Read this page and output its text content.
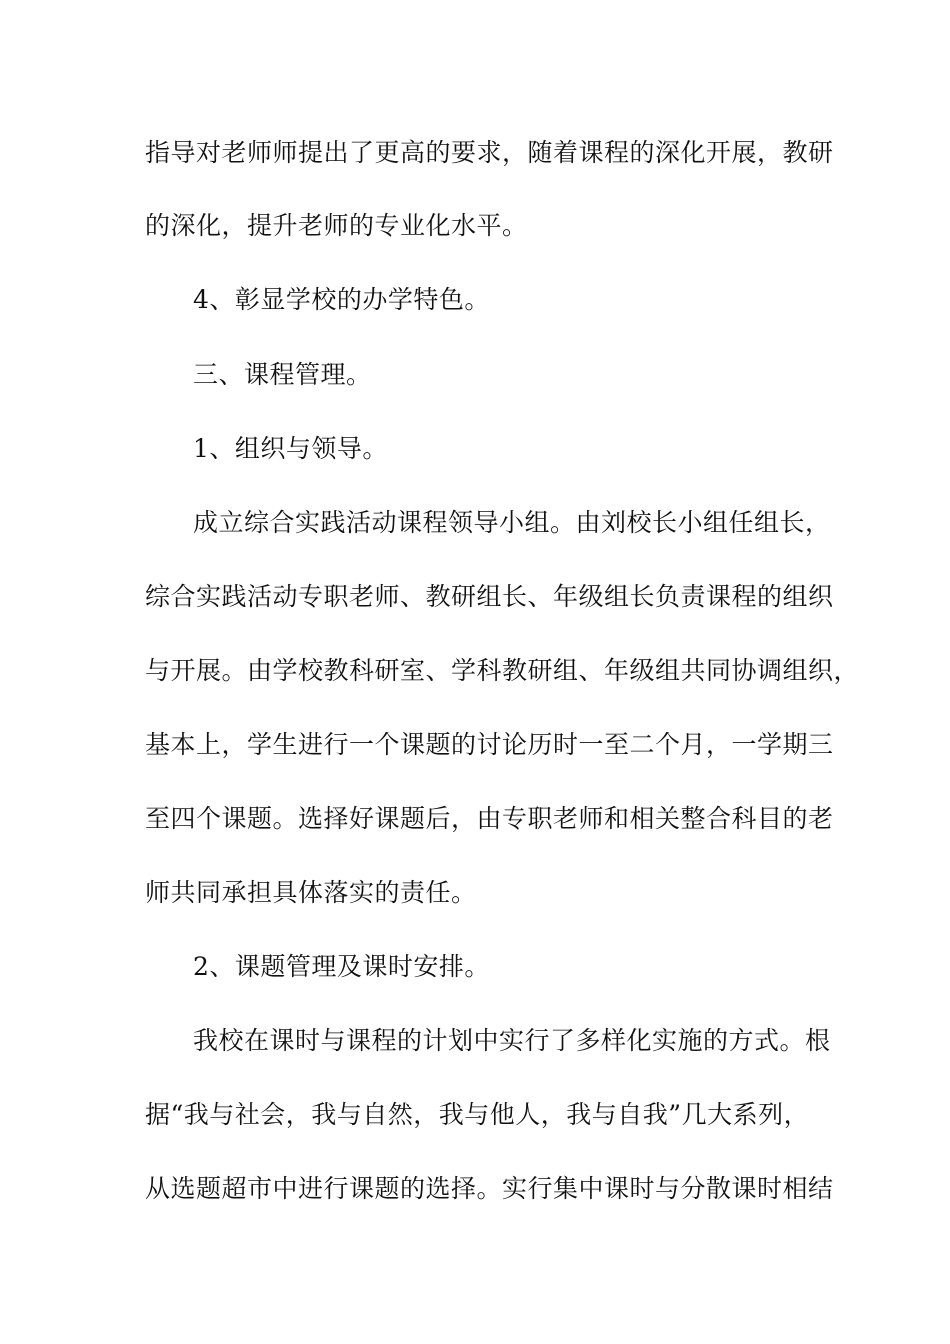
指导对老师师提出了更高的要求，随着课程的深化开展，教研
的深化，提升老师的专业化水平。
4、彰显学校的办学特色。
三、课程管理。
1、组织与领导。
成立综合实践活动课程领导小组。由刘校长小组任组长，
综合实践活动专职老师、教研组长、年级组长负责课程的组织
与开展。由学校教科研室、学科教研组、年级组共同协调组织，
基本上，学生进行一个课题的讨论历时一至二个月，一学期三
至四个课题。选择好课题后，由专职老师和相关整合科目的老
师共同承担具体落实的责任。
2、课题管理及课时安排。
我校在课时与课程的计划中实行了多样化实施的方式。根
据“我与社会，我与自然，我与他人，我与自我”几大系列，
从选题超市中进行课题的选择。实行集中课时与分散课时相结
